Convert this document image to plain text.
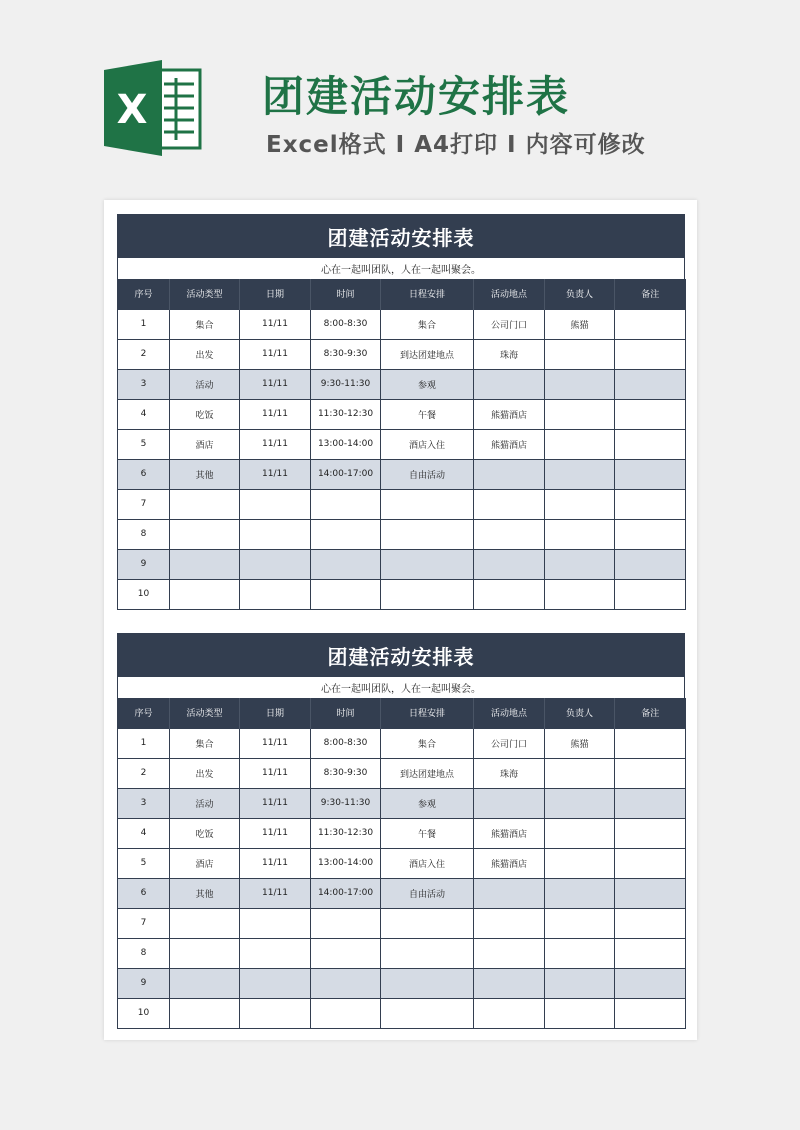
X	团建活动安排表
Excel格式 I A4打印 I 内容可修改
团建活动安排表
心在一起叫团队，人在一起叫聚会。
序号	活动类型	日期	时间	日程安排	活动地点	负责人	备注
1	集合	11/11	8:00-8:30	集合	公司门口	熊猫	
2	出发	11/11	8:30-9:30	到达团建地点	珠海		
3	活动	11/11	9:30-11:30	参观			
4	吃饭	11/11	11:30-12:30	午餐	熊猫酒店		
5	酒店	11/11	13:00-14:00	酒店入住	熊猫酒店		
6	其他	11/11	14:00-17:00	自由活动			
7							
8							
9							
10							
团建活动安排表
心在一起叫团队，人在一起叫聚会。
序号	活动类型	日期	时间	日程安排	活动地点	负责人	备注
1	集合	11/11	8:00-8:30	集合	公司门口	熊猫	
2	出发	11/11	8:30-9:30	到达团建地点	珠海		
3	活动	11/11	9:30-11:30	参观			
4	吃饭	11/11	11:30-12:30	午餐	熊猫酒店		
5	酒店	11/11	13:00-14:00	酒店入住	熊猫酒店		
6	其他	11/11	14:00-17:00	自由活动			
7							
8							
9							
10							
